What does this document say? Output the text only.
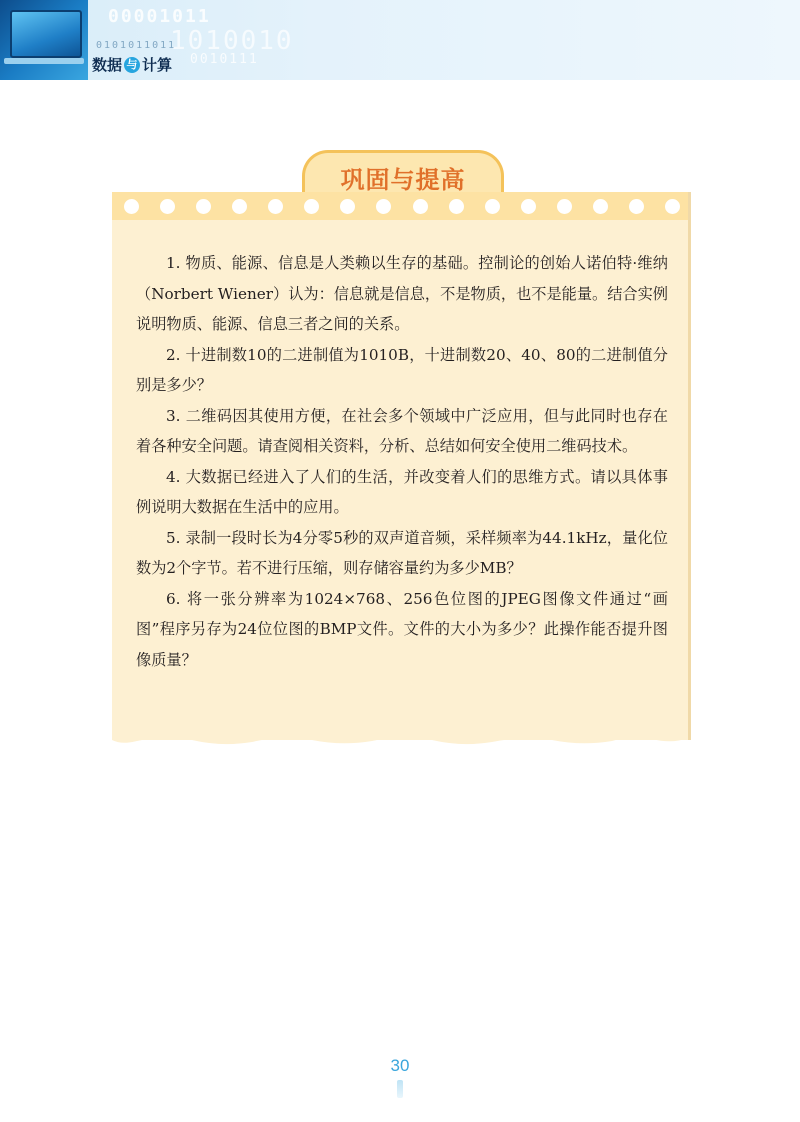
00001011
1010010
0101011011
0010111
数据 与 计算
巩固与提高

1. 物质、能源、信息是人类赖以生存的基础。控制论的创始人诺伯特·维纳（Norbert Wiener）认为：信息就是信息，不是物质，也不是能量。结合实例说明物质、能源、信息三者之间的关系。

2. 十进制数10的二进制值为1010B，十进制数20、40、80的二进制值分别是多少？

3. 二维码因其使用方便，在社会多个领域中广泛应用，但与此同时也存在着各种安全问题。请查阅相关资料，分析、总结如何安全使用二维码技术。

4. 大数据已经进入了人们的生活，并改变着人们的思维方式。请以具体事例说明大数据在生活中的应用。

5. 录制一段时长为4分零5秒的双声道音频，采样频率为44.1kHz，量化位数为2个字节。若不进行压缩，则存储容量约为多少MB？

6. 将一张分辨率为1024×768、256色位图的JPEG图像文件通过“画图”程序另存为24位位图的BMP文件。文件的大小为多少？此操作能否提升图像质量？

30
